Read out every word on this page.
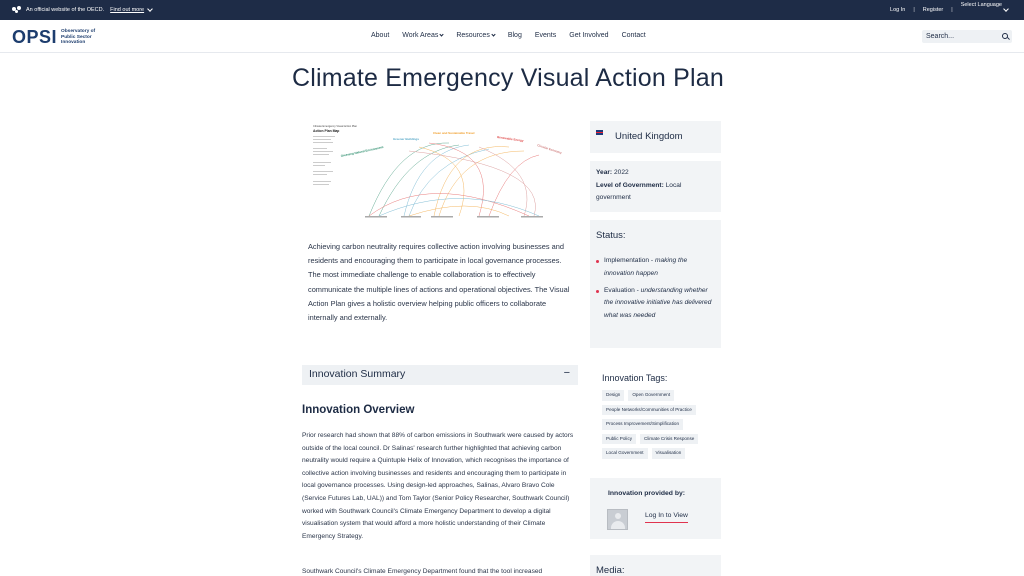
An official website of the OECD. Find out more	Log In | Register |
Select Language
OPSI Observatory of Public Sector Innovation
About Work Areas	Resources	Blog Events Get Involved Contact	Search...
Climate Emergency Visual Action Plan
Climate Emergency Visual Action Plan
Action Plan Map
Greening Natural Environment
Greener Buildings
Clean and Sustainable Travel
Renewable Energy
Circular Economy

Achieving carbon neutrality requires collective action involving businesses and residents and encouraging them to participate in local governance processes. The most immediate challenge to enable collaboration is to effectively communicate the multiple lines of actions and operational objectives. The Visual Action Plan gives a holistic overview helping public officers to collaborate internally and externally.

Innovation Summary	−
Innovation Overview

Prior research had shown that 88% of carbon emissions in Southwark were caused by actors outside of the local council. Dr Salinas' research further highlighted that achieving carbon neutrality would require a Quintuple Helix of Innovation, which recognises the importance of collective action involving businesses and residents and encouraging them to participate in local governance processes. Using design-led approaches, Salinas, Alvaro Bravo Cole (Service Futures Lab, UAL)) and Tom Taylor (Senior Policy Researcher, Southwark Council) worked with Southwark Council's Climate Emergency Department to develop a digital visualisation system that would afford a more holistic understanding of their Climate Emergency Strategy.

Southwark Council's Climate Emergency Department found that the tool increased

United Kingdom
Year: 2022
Level of Government: Local government
Status:
Implementation - making the innovation happen
Evaluation - understanding whether the innovative initiative has delivered what was needed
Innovation Tags:
Design	Open Government
People Networks/Communities of Practice
Process Improvement/Simplification
Public Policy	Climate Crisis Response
Local Government	Visualisation
Innovation provided by:
Log In to View
Media:
